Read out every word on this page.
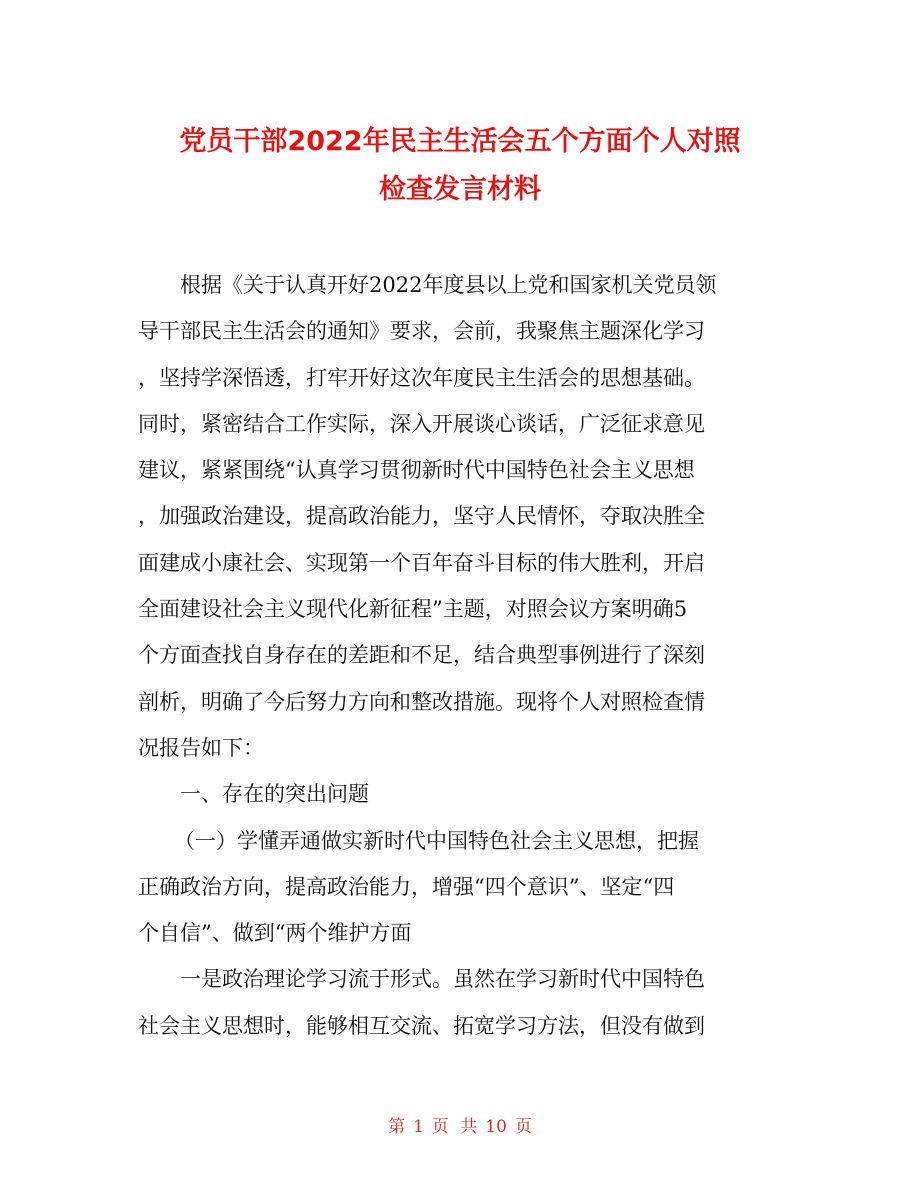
党员干部2022年民主生活会五个方面个人对照
检查发言材料
根据《关于认真开好2022年度县以上党和国家机关党员领
导干部民主生活会的通知》要求，会前，我聚焦主题深化学习
，坚持学深悟透，打牢开好这次年度民主生活会的思想基础。
同时，紧密结合工作实际，深入开展谈心谈话，广泛征求意见
建议，紧紧围绕“认真学习贯彻新时代中国特色社会主义思想
，加强政治建设，提高政治能力，坚守人民情怀，夺取决胜全
面建成小康社会、实现第一个百年奋斗目标的伟大胜利，开启
全面建设社会主义现代化新征程”主题，对照会议方案明确5
个方面查找自身存在的差距和不足，结合典型事例进行了深刻
剖析，明确了今后努力方向和整改措施。现将个人对照检查情
况报告如下：
一、存在的突出问题
（一）学懂弄通做实新时代中国特色社会主义思想，把握
正确政治方向，提高政治能力，增强“四个意识”、坚定“四
个自信”、做到“两个维护方面
一是政治理论学习流于形式。虽然在学习新时代中国特色
社会主义思想时，能够相互交流、拓宽学习方法，但没有做到
第 1 页 共 10 页
